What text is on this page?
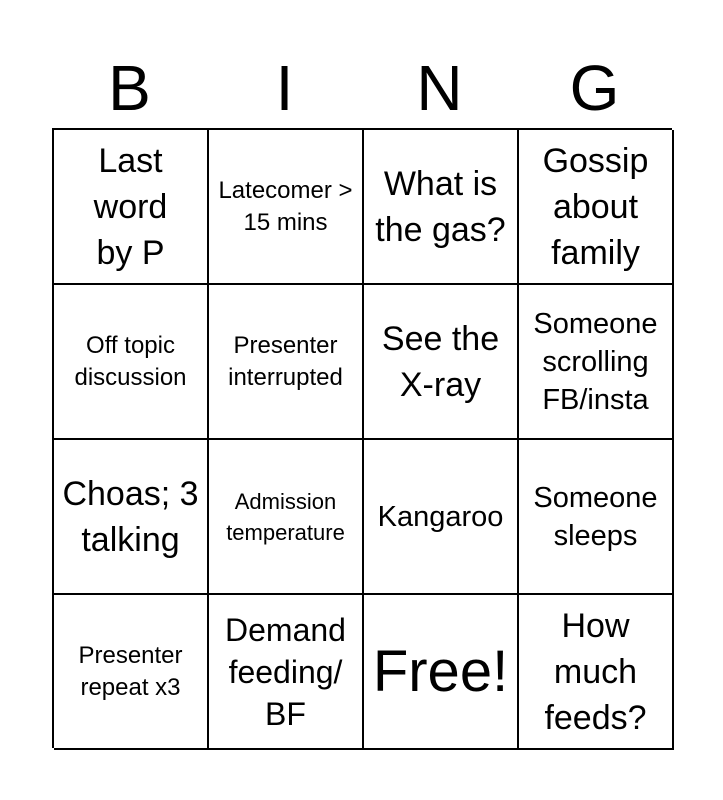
B	I	N	G
Last word by P
Latecomer > 15 mins
What is the gas?
Gossip about family
Off topic discussion
Presenter interrupted
See the X-ray
Someone scrolling FB/insta
Choas; 3 talking
Admission temperature	Kangaroo
Someone sleeps
Presenter repeat x3
Demand feeding/ BF
Free!
How much feeds?
